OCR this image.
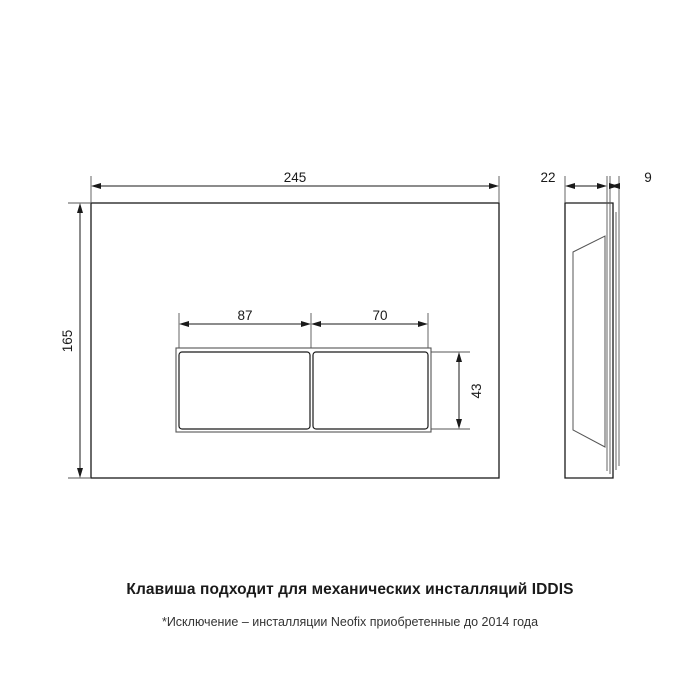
245
165
87	70
43
22	9
Клавиша подходит для механических инсталляций IDDIS
*Исключение – инсталляции Neofix приобретенные до 2014 года
